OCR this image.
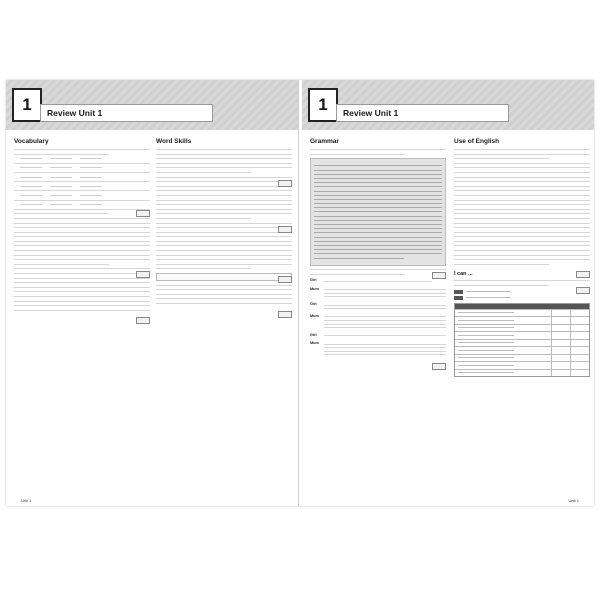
1	Review Unit 1
Vocabulary	Word Skills
Unit 1
1	Review Unit 1
Grammar
Girl
Mum
Girl
Mum
Girl
Mum
Use of English
I can ...
Unit 1
